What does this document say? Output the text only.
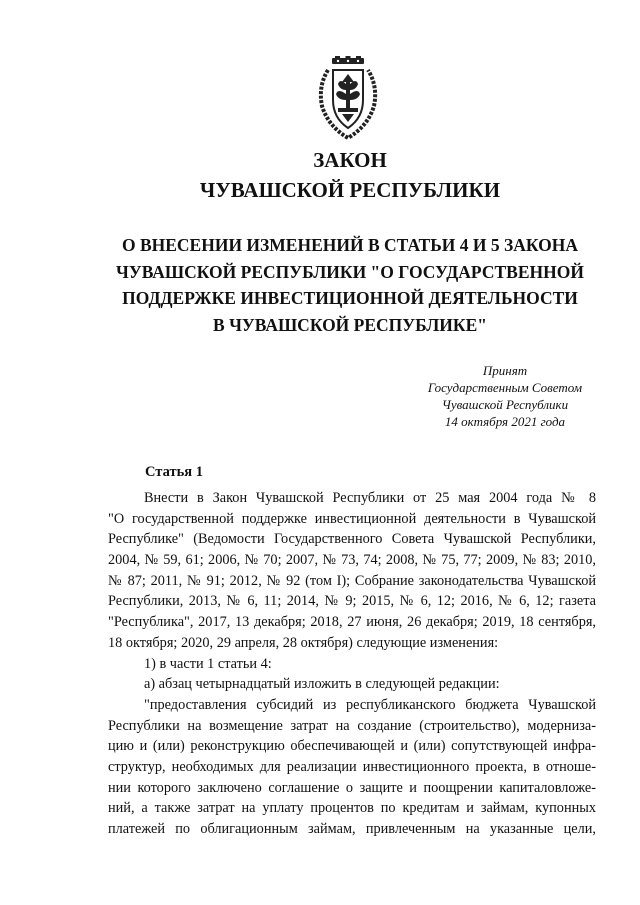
ЗАКОН
ЧУВАШСКОЙ РЕСПУБЛИКИ
О ВНЕСЕНИИ ИЗМЕНЕНИЙ В СТАТЬИ 4 И 5 ЗАКОНА
ЧУВАШСКОЙ РЕСПУБЛИКИ "О ГОСУДАРСТВЕННОЙ
ПОДДЕРЖКЕ ИНВЕСТИЦИОННОЙ ДЕЯТЕЛЬНОСТИ
В ЧУВАШСКОЙ РЕСПУБЛИКЕ"
Принят
Государственным Советом
Чувашской Республики
14 октября 2021 года
Статья 1
Внести в Закон Чувашской Республики от 25 мая 2004 года № 8
"О государственной поддержке инвестиционной деятельности в Чувашской
Республике" (Ведомости Государственного Совета Чувашской Республики,
2004, № 59, 61; 2006, № 70; 2007, № 73, 74; 2008, № 75, 77; 2009, № 83; 2010,
№ 87; 2011, № 91; 2012, № 92 (том I); Собрание законодательства Чувашской
Республики, 2013, № 6, 11; 2014, № 9; 2015, № 6, 12; 2016, № 6, 12; газета
"Республика", 2017, 13 декабря; 2018, 27 июня, 26 декабря; 2019, 18 сентября,
18 октября; 2020, 29 апреля, 28 октября) следующие изменения:
1) в части 1 статьи 4:
а) абзац четырнадцатый изложить в следующей редакции:
"предоставления субсидий из республиканского бюджета Чувашской
Республики на возмещение затрат на создание (строительство), модерниза-
цию и (или) реконструкцию обеспечивающей и (или) сопутствующей инфра-
структур, необходимых для реализации инвестиционного проекта, в отноше-
нии которого заключено соглашение о защите и поощрении капиталовложе-
ний, а также затрат на уплату процентов по кредитам и займам, купонных
платежей по облигационным займам, привлеченным на указанные цели,
